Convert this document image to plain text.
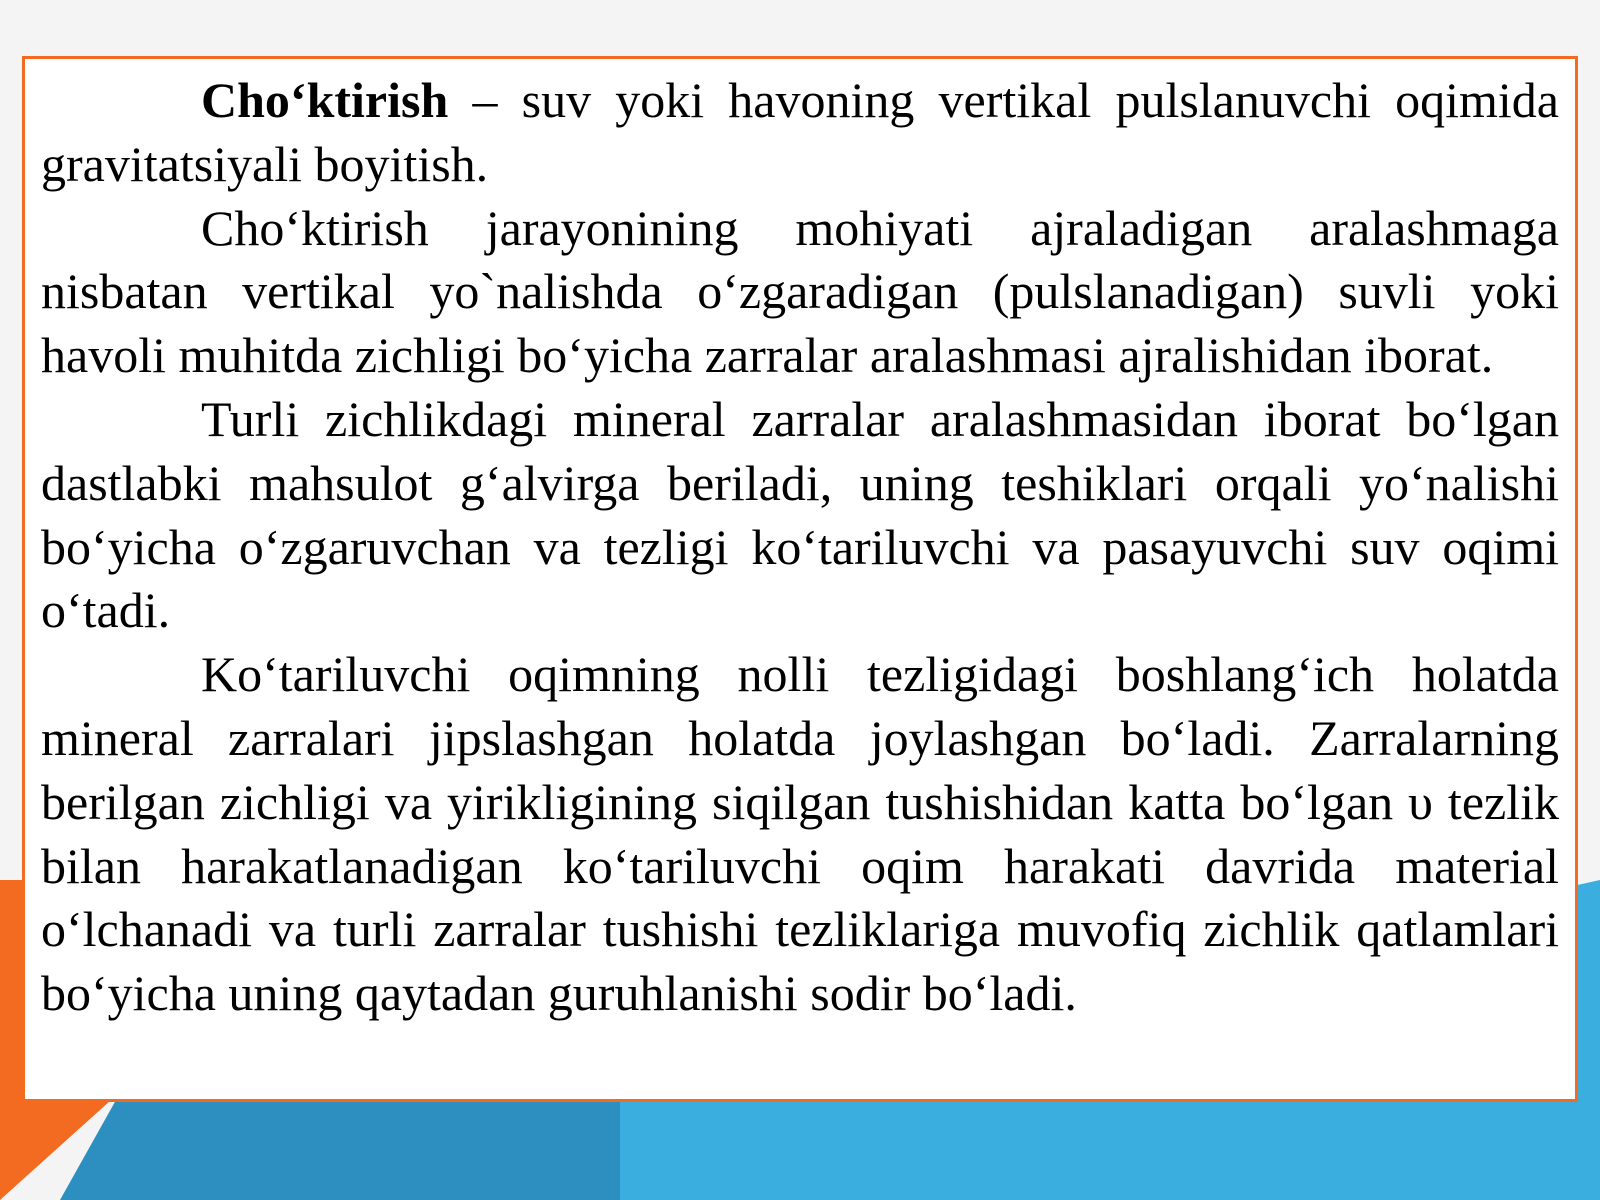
Cho‘ktirish – suv yoki havoning vertikal pulslanuvchi oqimida gravitatsiyali boyitish.

Cho‘ktirish jarayonining mohiyati ajraladigan aralashmaga nisbatan vertikal yo`nalishda o‘zgaradigan (pulslanadigan) suvli yoki havoli muhitda zichligi bo‘yicha zarralar aralashmasi ajralishidan iborat.

Turli zichlikdagi mineral zarralar aralashmasidan iborat bo‘lgan dastlabki mahsulot g‘alvirga beriladi, uning teshiklari orqali yo‘nalishi bo‘yicha o‘zgaruvchan va tezligi ko‘tariluvchi va pasayuvchi suv oqimi o‘tadi.

Ko‘tariluvchi oqimning nolli tezligidagi boshlang‘ich holatda mineral zarralari jipslashgan holatda joylashgan bo‘ladi. Zarralarning berilgan zichligi va yirikligining siqilgan tushishidan katta bo‘lgan υ tezlik bilan harakatlanadigan ko‘tariluvchi oqim harakati davrida material o‘lchanadi va turli zarralar tushishi tezliklariga muvofiq zichlik qatlamlari bo‘yicha uning qaytadan guruhlanishi sodir bo‘ladi.
